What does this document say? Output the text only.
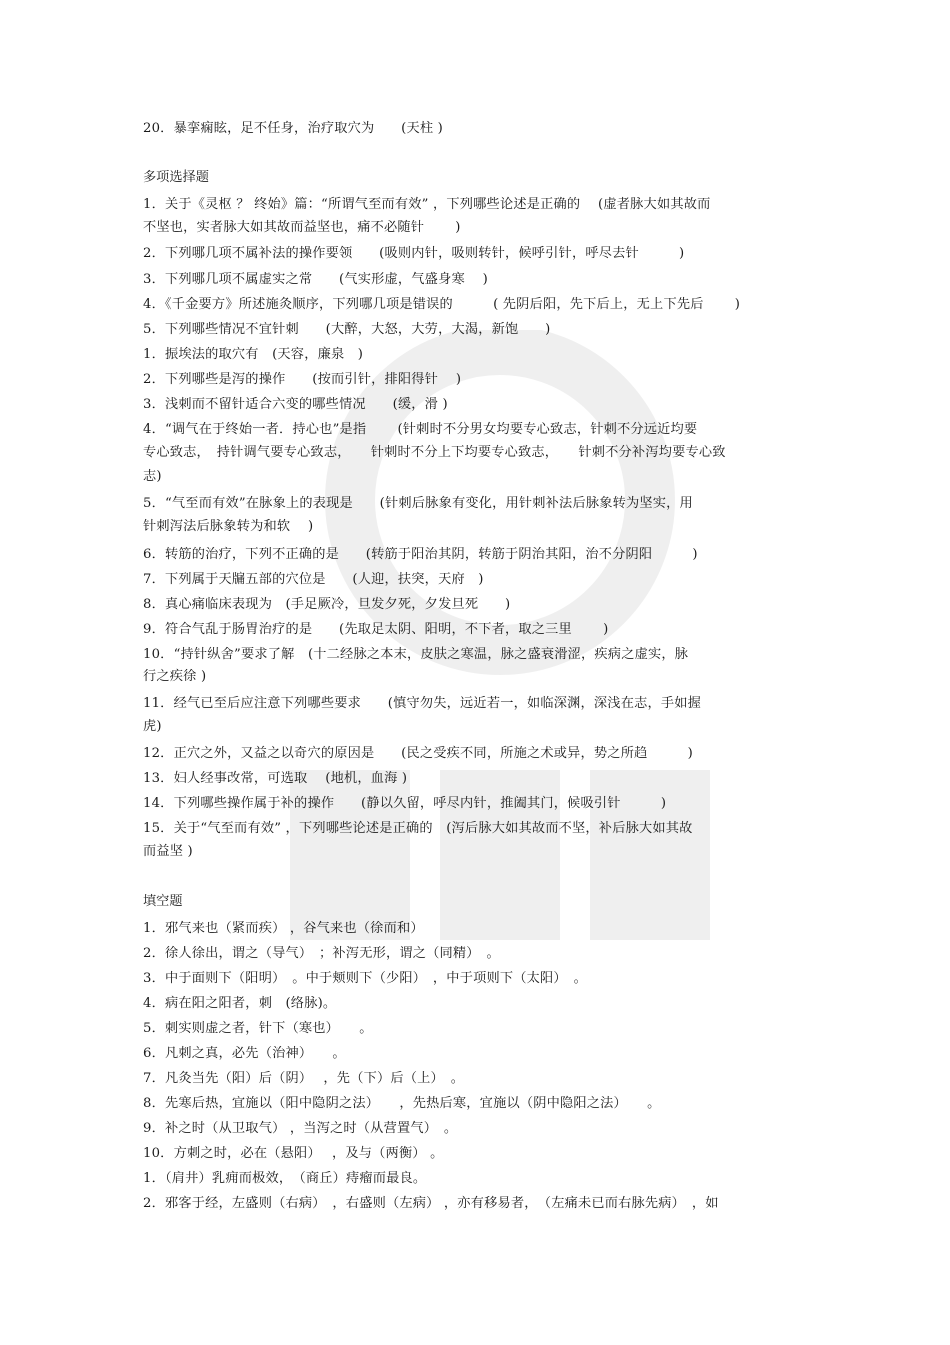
20．暴挛痫眩，足不任身，治疗取穴为　　(天柱 )
多项选择题
1．关于《灵枢 ？ 终始》篇：“所谓气至而有效” ，下列哪些论述是正确的　 (虚者脉大如其故而
不坚也，实者脉大如其故而益坚也，痛不必随针　　 )
2．下列哪几项不属补法的操作要领　　(吸则内针，吸则转针，候呼引针，呼尽去针　　　)
3．下列哪几项不属虚实之常　　(气实形虚，气盛身寒　 )
4．《千金要方》所述施灸顺序，下列哪几项是错误的　　　( 先阴后阳，先下后上，无上下先后　　 )
5．下列哪些情况不宜针刺　　(大醉，大怒，大劳，大渴，新饱　　)
1．振埃法的取穴有　(天容，廉泉　)
2．下列哪些是泻的操作　　(按而引针，排阳得针　 )
3．浅刺而不留针适合六变的哪些情况　　(缓，滑 )
4．“调气在于终始一者．持心也”是指　　 (针刺时不分男女均要专心致志，针刺不分远近均要
专心致志，　持针调气要专心致志，　　针刺时不分上下均要专心致志，　　针刺不分补泻均要专心致
志)
5．“气至而有效”在脉象上的表现是　　(针刺后脉象有变化，用针刺补法后脉象转为坚实，用
针刺泻法后脉象转为和软　 )
6．转筋的治疗，下列不正确的是　　(转筋于阳治其阴，转筋于阴治其阳，治不分阴阳　　　)
7．下列属于天牖五部的穴位是　　(人迎，扶突，天府　)
8．真心痛临床表现为　(手足厥冷，旦发夕死，夕发旦死　　)
9．符合气乱于肠胃治疗的是　　(先取足太阴、阳明，不下者，取之三里　　 )
10．“持针纵舍”要求了解　(十二经脉之本末，皮肤之寒温，脉之盛衰滑涩，疾病之虚实，脉
行之疾徐 )
11．经气已至后应注意下列哪些要求　　(慎守勿失，远近若一，如临深渊，深浅在志，手如握
虎)
12．正穴之外，又益之以奇穴的原因是　　(民之受疾不同，所施之术或异，势之所趋　　　)
13．妇人经事改常，可选取　 (地机，血海 )
14．下列哪些操作属于补的操作　　(静以久留，呼尽内针，推阖其门，候吸引针　　　)
15．关于“气至而有效” ，下列哪些论述是正确的　(泻后脉大如其故而不坚，补后脉大如其故
而益坚 )
填空题
1．邪气来也（紧而疾） ，谷气来也（徐而和）
2．徐人徐出，谓之（导气）　；补泻无形，谓之（同精）　。
3．中于面则下（阳明）　。中于颊则下（少阳）　，中于项则下（太阳）　。
4．病在阳之阳者，刺　(络脉)。
5．刺实则虚之者，针下（寒也）　　。
6．凡刺之真，必先（治神）　　。
7．凡灸当先（阳）后（阴）　 ，先（下）后（上）　。
8．先寒后热，宜施以（阳中隐阴之法）　　，先热后寒，宜施以（阴中隐阳之法）　　。
9．补之时（从卫取气） ，当泻之时（从营置气）　。
10．方刺之时，必在（悬阳）　 ，及与（两衡） 。
1．（肩井）乳痈而极效，　（商丘）痔瘤而最良。
2．邪客于经，左盛则（右病）　，右盛则（左病） ，亦有移易者，　（左痛未已而右脉先病）　，如
